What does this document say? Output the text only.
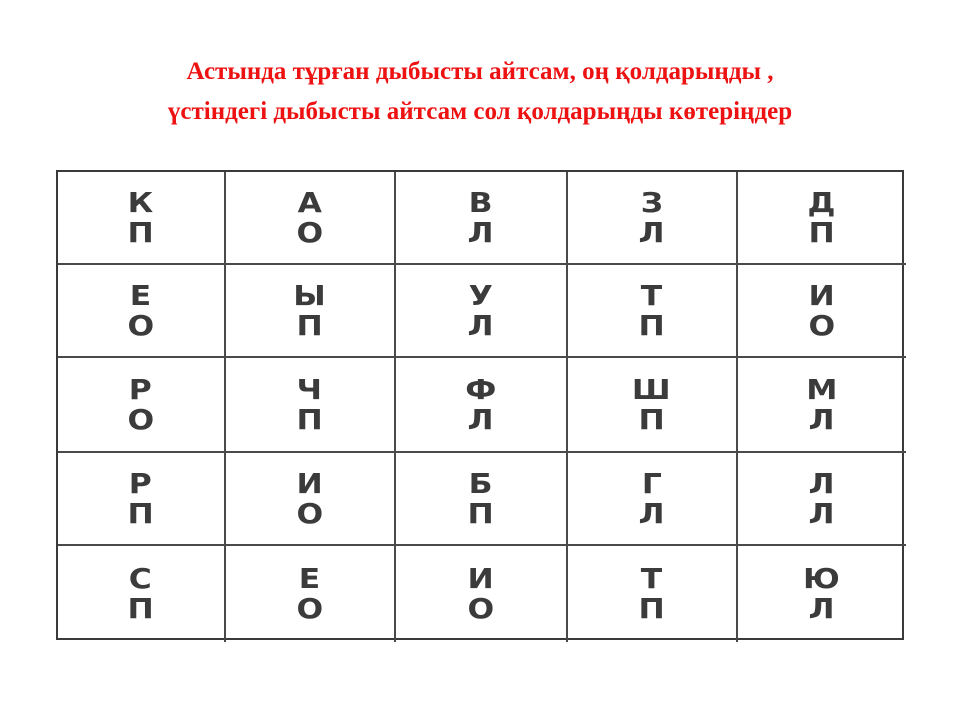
Астында тұрған дыбысты айтсам, оң қолдарыңды ,
үстіндегі дыбысты айтсам сол қолдарыңды көтеріңдер
К
П
А
О
В
Л
З
Л
Д
П
Е
О
Ы
П
У
Л
Т
П
И
О
Р
О
Ч
П
Ф
Л
Ш
П
М
Л
Р
П
И
О
Б
П
Г
Л
Л
Л
С
П
Е
О
И
О
Т
П
Ю
Л
